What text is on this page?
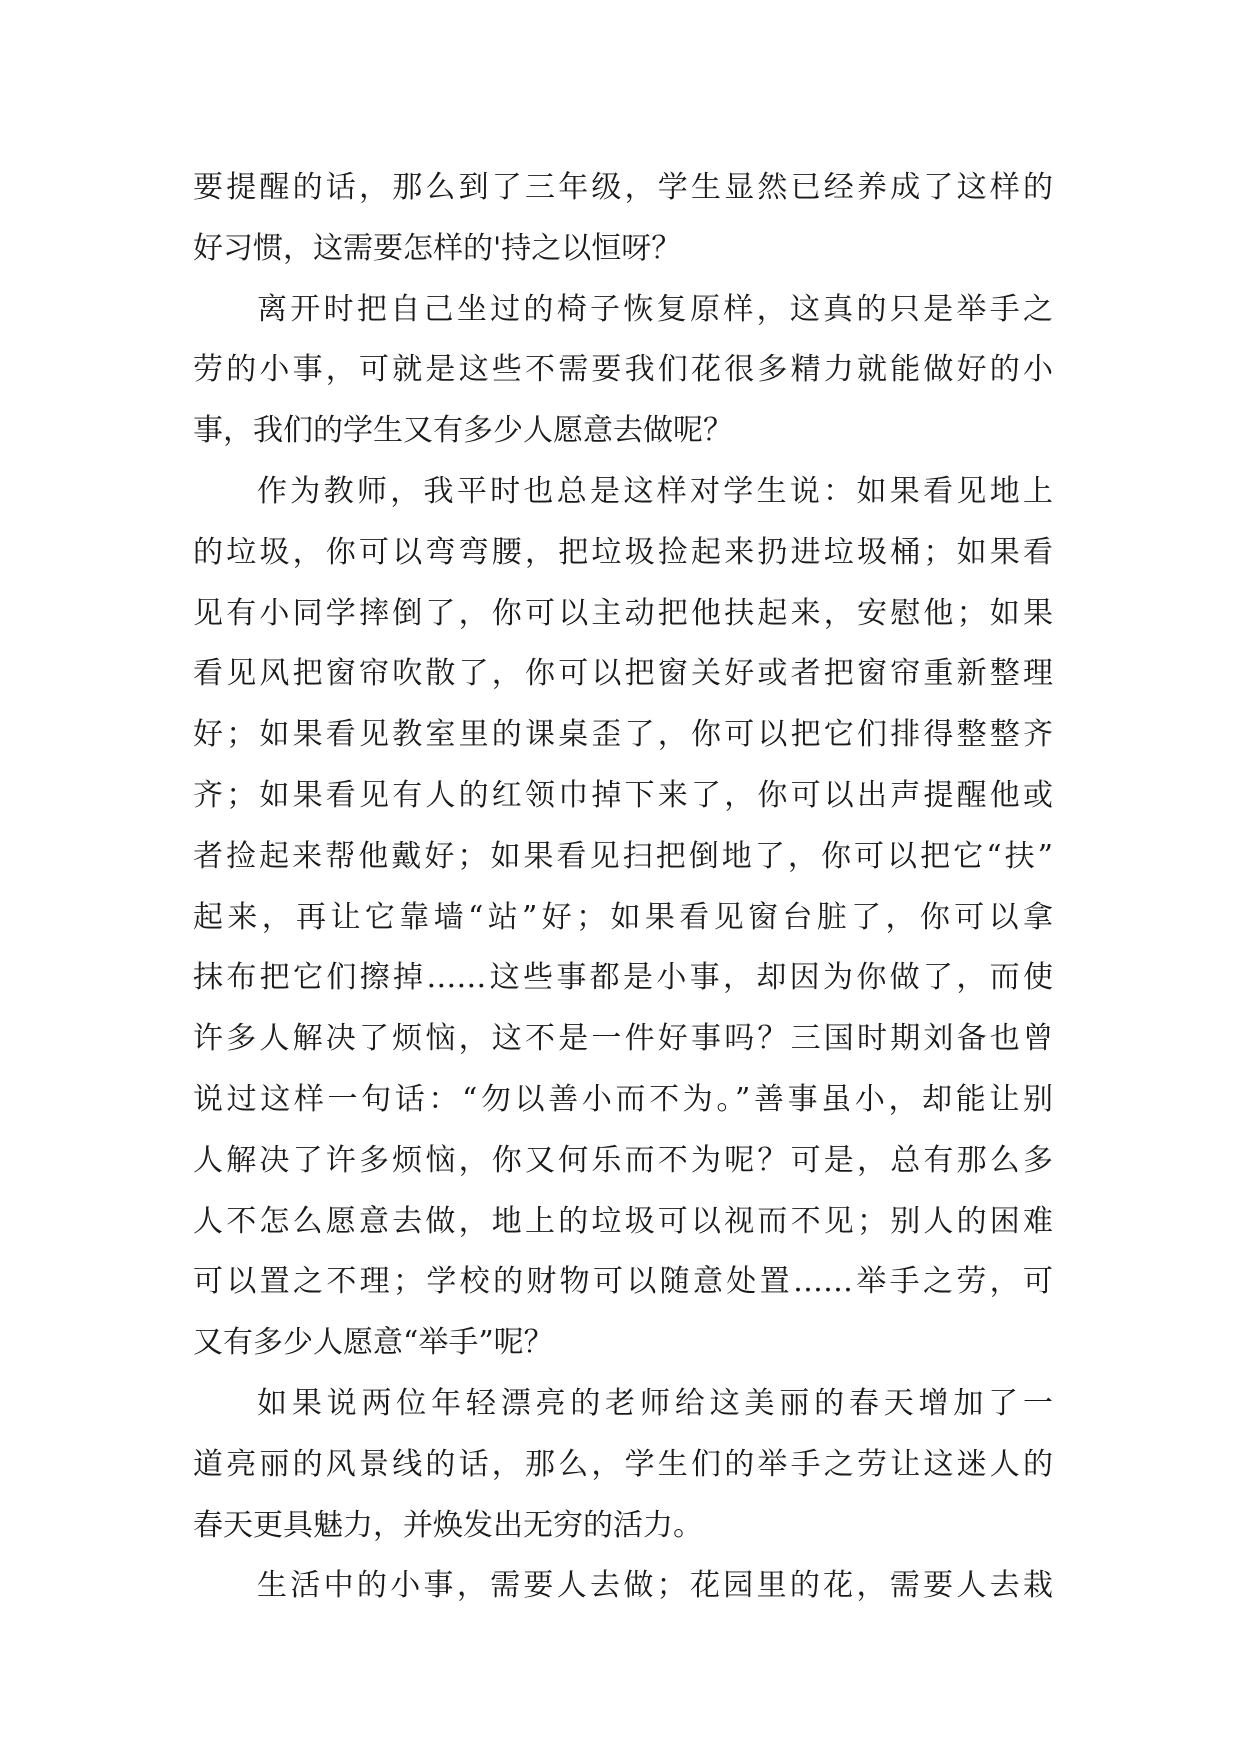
要提醒的话，那么到了三年级，学生显然已经养成了这样的
好习惯，这需要怎样的'持之以恒呀？
离开时把自己坐过的椅子恢复原样，这真的只是举手之
劳的小事，可就是这些不需要我们花很多精力就能做好的小
事，我们的学生又有多少人愿意去做呢？
作为教师，我平时也总是这样对学生说：如果看见地上
的垃圾，你可以弯弯腰，把垃圾捡起来扔进垃圾桶；如果看
见有小同学摔倒了，你可以主动把他扶起来，安慰他；如果
看见风把窗帘吹散了，你可以把窗关好或者把窗帘重新整理
好；如果看见教室里的课桌歪了，你可以把它们排得整整齐
齐；如果看见有人的红领巾掉下来了，你可以出声提醒他或
者捡起来帮他戴好；如果看见扫把倒地了，你可以把它“扶”
起来，再让它靠墙“站”好；如果看见窗台脏了，你可以拿
抹布把它们擦掉……这些事都是小事，却因为你做了，而使
许多人解决了烦恼，这不是一件好事吗？三国时期刘备也曾
说过这样一句话：“勿以善小而不为。”善事虽小，却能让别
人解决了许多烦恼，你又何乐而不为呢？可是，总有那么多
人不怎么愿意去做，地上的垃圾可以视而不见；别人的困难
可以置之不理；学校的财物可以随意处置……举手之劳，可
又有多少人愿意“举手”呢？
如果说两位年轻漂亮的老师给这美丽的春天增加了一
道亮丽的风景线的话，那么，学生们的举手之劳让这迷人的
春天更具魅力，并焕发出无穷的活力。
生活中的小事，需要人去做；花园里的花，需要人去栽
